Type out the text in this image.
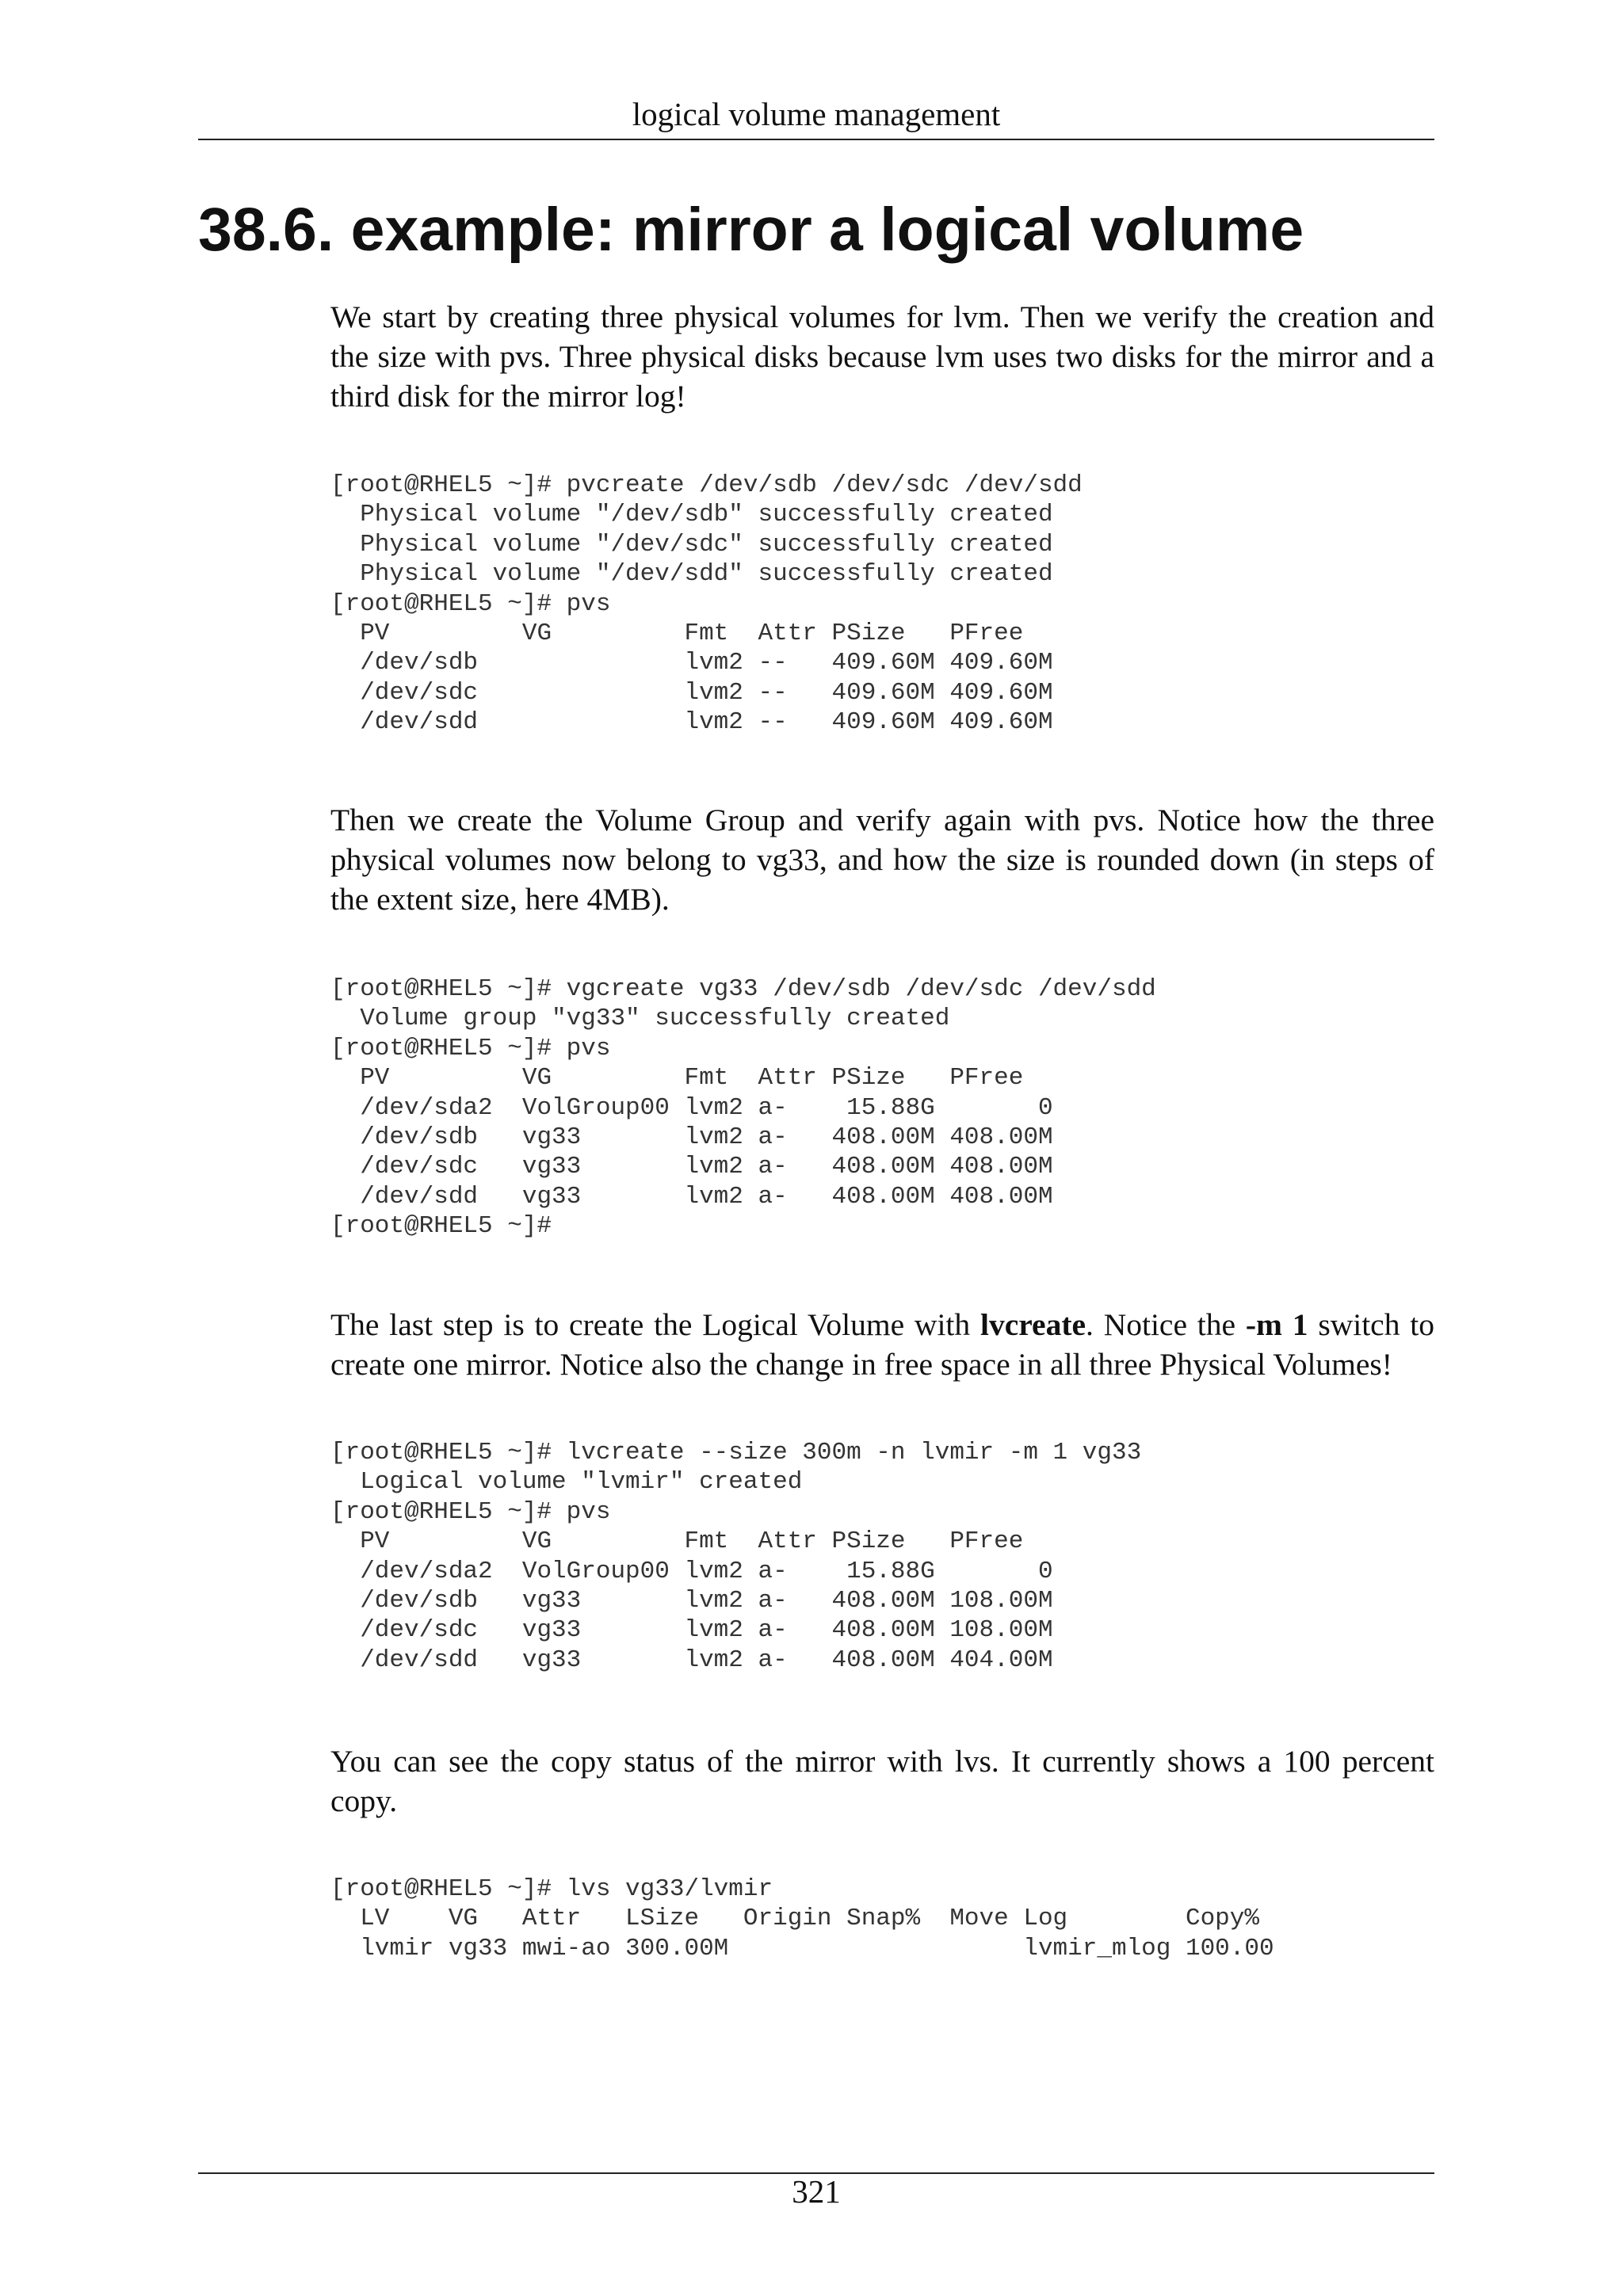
logical volume management
38.6. example: mirror a logical volume

We start by creating three physical volumes for lvm. Then we verify the creation and the size with pvs. Three physical disks because lvm uses two disks for the mirror and a third disk for the mirror log!

[root@RHEL5 ~]# pvcreate /dev/sdb /dev/sdc /dev/sdd
Physical volume "/dev/sdb" successfully created
Physical volume "/dev/sdc" successfully created
Physical volume "/dev/sdd" successfully created
[root@RHEL5 ~]# pvs
PV         VG         Fmt  Attr PSize   PFree
/dev/sdb              lvm2 --   409.60M 409.60M
/dev/sdc              lvm2 --   409.60M 409.60M
/dev/sdd              lvm2 --   409.60M 409.60M

Then we create the Volume Group and verify again with pvs. Notice how the three physical volumes now belong to vg33, and how the size is rounded down (in steps of the extent size, here 4MB).

[root@RHEL5 ~]# vgcreate vg33 /dev/sdb /dev/sdc /dev/sdd
Volume group "vg33" successfully created
[root@RHEL5 ~]# pvs
PV         VG         Fmt  Attr PSize   PFree
/dev/sda2  VolGroup00 lvm2 a-    15.88G       0
/dev/sdb   vg33       lvm2 a-   408.00M 408.00M
/dev/sdc   vg33       lvm2 a-   408.00M 408.00M
/dev/sdd   vg33       lvm2 a-   408.00M 408.00M
[root@RHEL5 ~]#

The last step is to create the Logical Volume with lvcreate. Notice the -m 1 switch to create one mirror. Notice also the change in free space in all three Physical Volumes!

[root@RHEL5 ~]# lvcreate --size 300m -n lvmir -m 1 vg33
Logical volume "lvmir" created
[root@RHEL5 ~]# pvs
PV         VG         Fmt  Attr PSize   PFree
/dev/sda2  VolGroup00 lvm2 a-    15.88G       0
/dev/sdb   vg33       lvm2 a-   408.00M 108.00M
/dev/sdc   vg33       lvm2 a-   408.00M 108.00M
/dev/sdd   vg33       lvm2 a-   408.00M 404.00M

You can see the copy status of the mirror with lvs. It currently shows a 100 percent copy.

[root@RHEL5 ~]# lvs vg33/lvmir
LV    VG   Attr   LSize   Origin Snap%  Move Log        Copy%
lvmir vg33 mwi-ao 300.00M                    lvmir_mlog 100.00
321
